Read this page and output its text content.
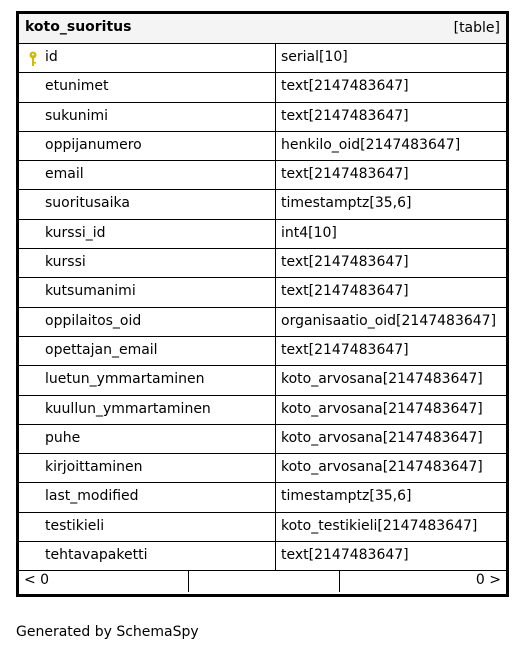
koto_suoritus	[table]
id	serial[10]
etunimet	text[2147483647]
sukunimi	text[2147483647]
oppijanumero	henkilo_oid[2147483647]
email	text[2147483647]
suoritusaika	timestamptz[35,6]
kurssi_id	int4[10]
kurssi	text[2147483647]
kutsumanimi	text[2147483647]
oppilaitos_oid	organisaatio_oid[2147483647]
opettajan_email	text[2147483647]
luetun_ymmartaminen	koto_arvosana[2147483647]
kuullun_ymmartaminen	koto_arvosana[2147483647]
puhe	koto_arvosana[2147483647]
kirjoittaminen	koto_arvosana[2147483647]
last_modified	timestamptz[35,6]
testikieli	koto_testikieli[2147483647]
tehtavapaketti	text[2147483647]
< 0	0 >
Generated by SchemaSpy
